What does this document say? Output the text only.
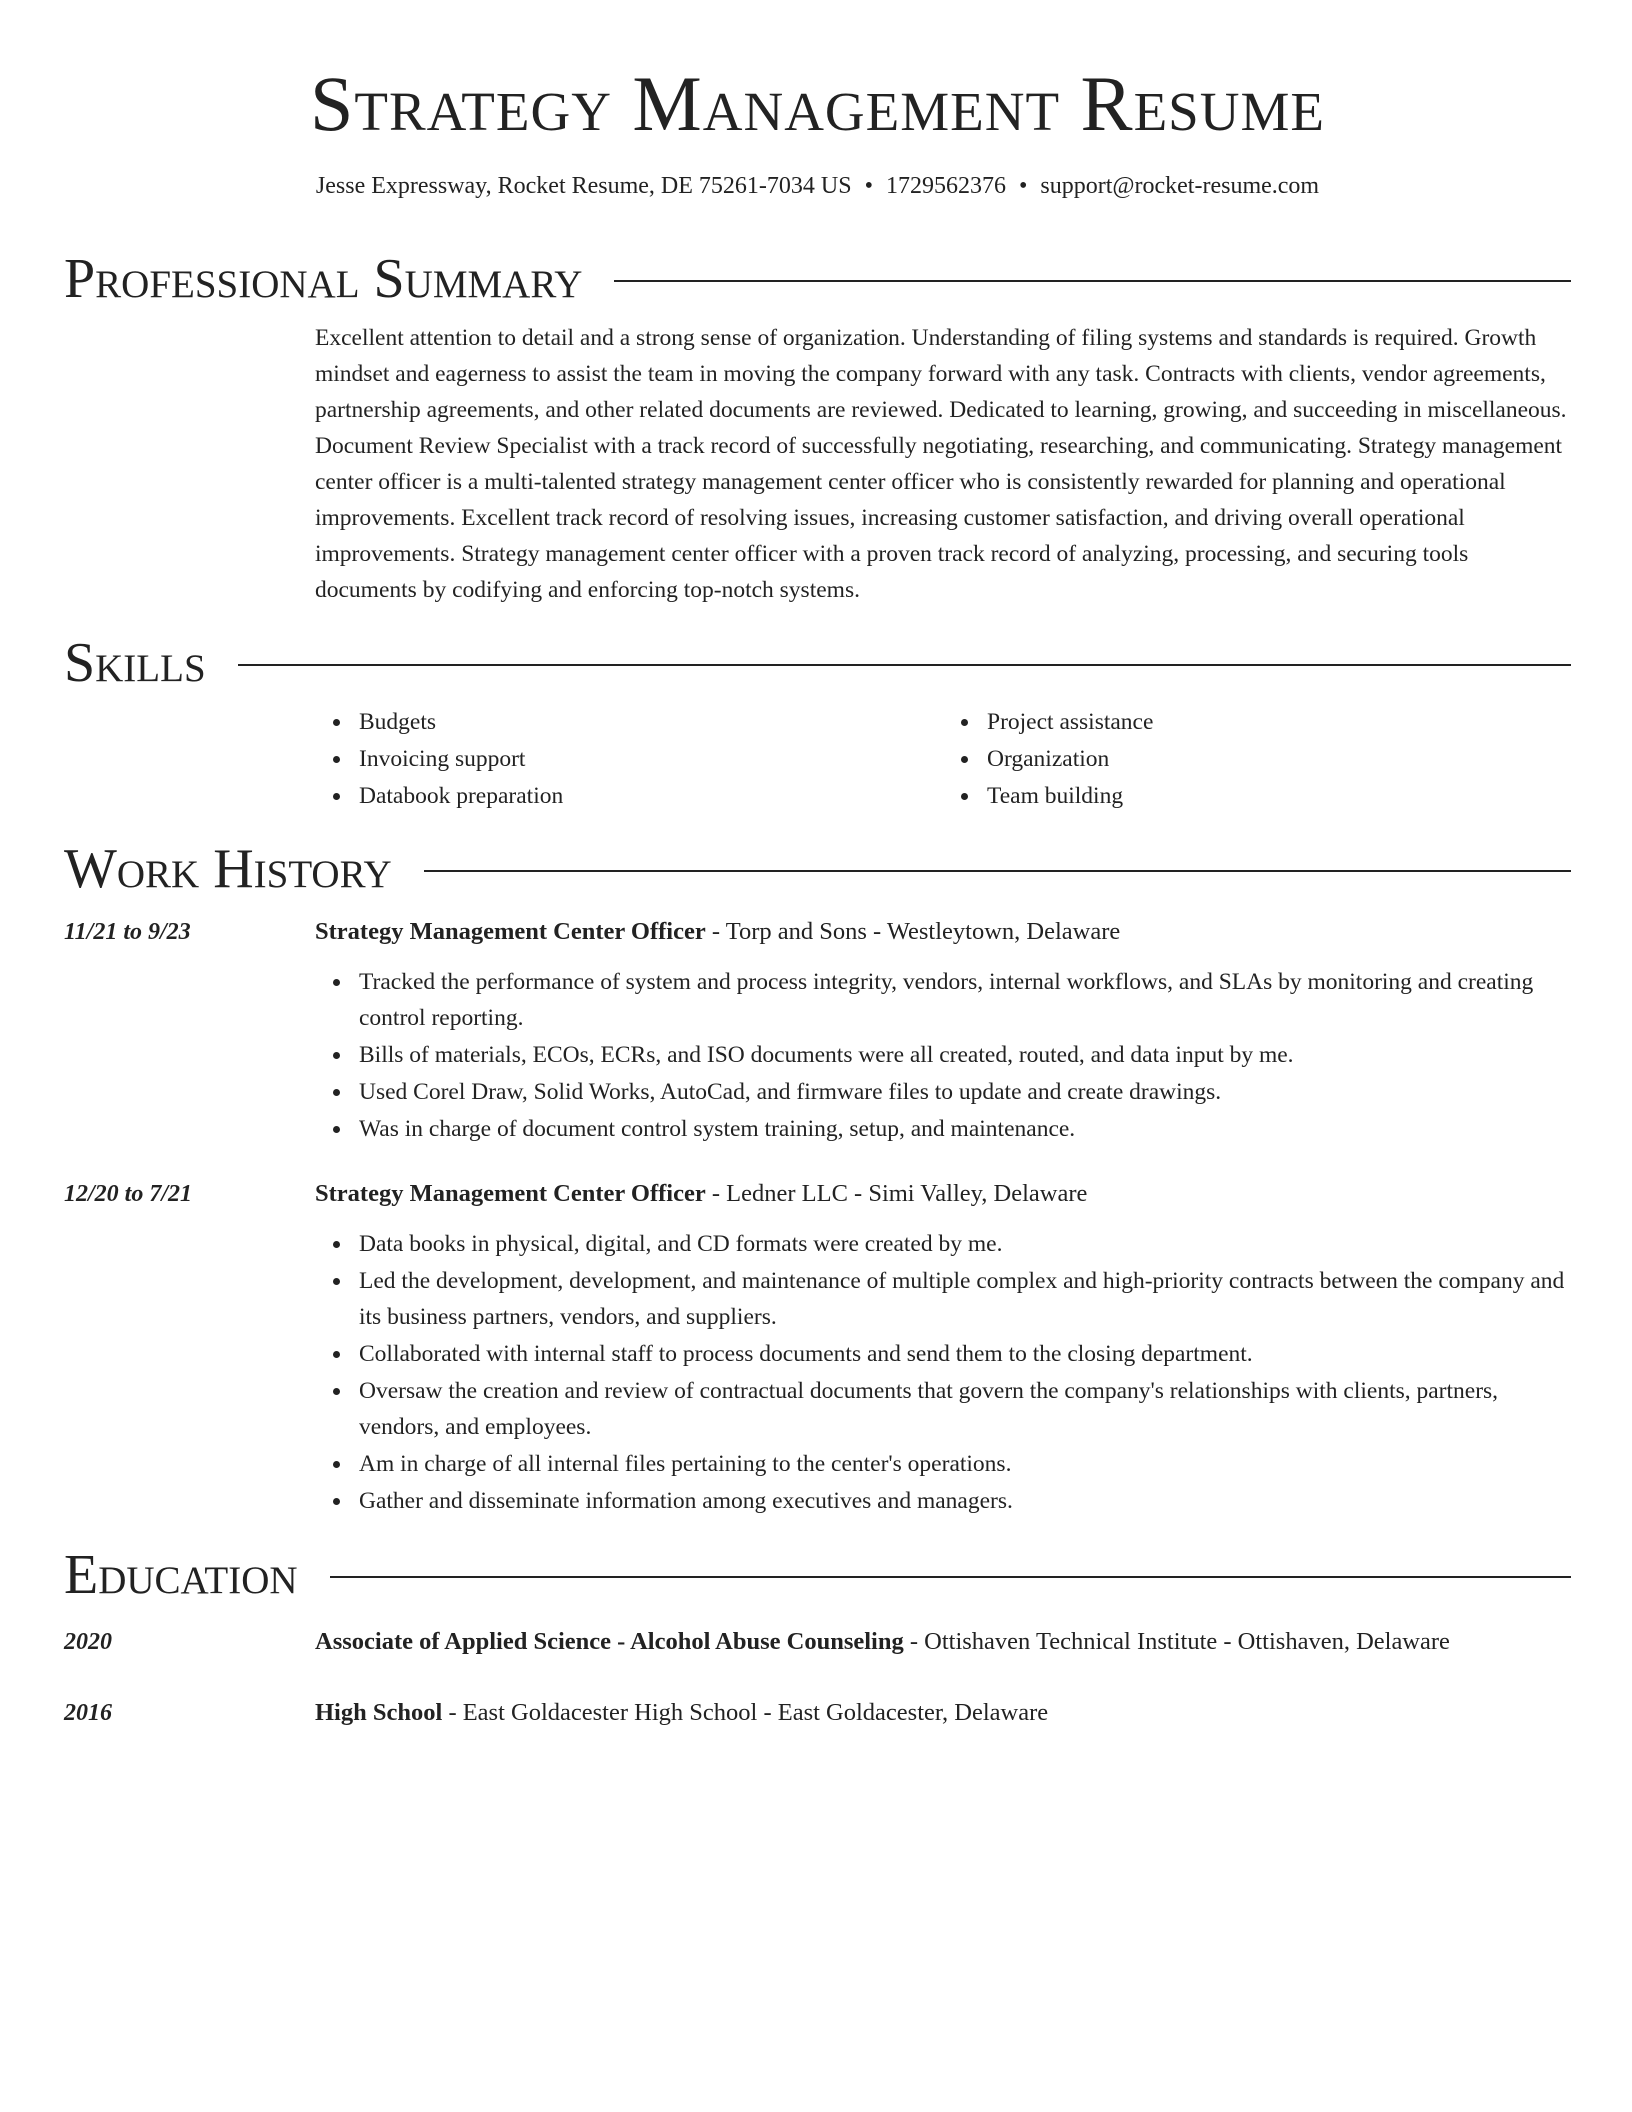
Strategy Management Resume
Jesse Expressway, Rocket Resume, DE 75261-7034 US • 1729562376 • support@rocket-resume.com
Professional Summary

Excellent attention to detail and a strong sense of organization. Understanding of filing systems and standards is required. Growth mindset and eagerness to assist the team in moving the company forward with any task. Contracts with clients, vendor agreements, partnership agreements, and other related documents are reviewed. Dedicated to learning, growing, and succeeding in miscellaneous. Document Review Specialist with a track record of successfully negotiating, researching, and communicating. Strategy management center officer is a multi-talented strategy management center officer who is consistently rewarded for planning and operational improvements. Excellent track record of resolving issues, increasing customer satisfaction, and driving overall operational improvements. Strategy management center officer with a proven track record of analyzing, processing, and securing tools documents by codifying and enforcing top-notch systems.

Skills
Budgets
Invoicing support
Databook preparation
Project assistance
Organization
Team building
Work History
11/21 to 9/23	Strategy Management Center Officer - Torp and Sons - Westleytown, Delaware
Tracked the performance of system and process integrity, vendors, internal workflows, and SLAs by monitoring and creating control reporting.
Bills of materials, ECOs, ECRs, and ISO documents were all created, routed, and data input by me.
Used Corel Draw, Solid Works, AutoCad, and firmware files to update and create drawings.
Was in charge of document control system training, setup, and maintenance.
12/20 to 7/21	Strategy Management Center Officer - Ledner LLC - Simi Valley, Delaware
Data books in physical, digital, and CD formats were created by me.
Led the development, development, and maintenance of multiple complex and high-priority contracts between the company and its business partners, vendors, and suppliers.
Collaborated with internal staff to process documents and send them to the closing department.
Oversaw the creation and review of contractual documents that govern the company's relationships with clients, partners, vendors, and employees.
Am in charge of all internal files pertaining to the center's operations.
Gather and disseminate information among executives and managers.
Education
2020	Associate of Applied Science - Alcohol Abuse Counseling - Ottishaven Technical Institute - Ottishaven, Delaware
2016	High School - East Goldacester High School - East Goldacester, Delaware
